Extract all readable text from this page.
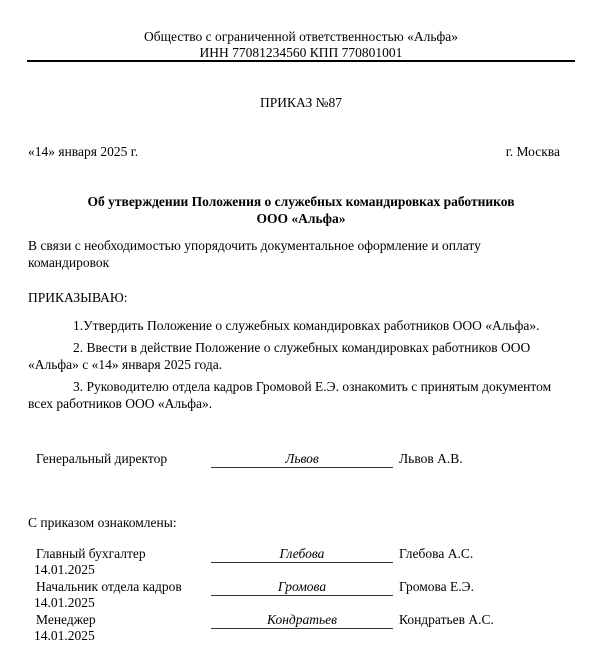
Общество с ограниченной ответственностью «Альфа»
ИНН 77081234560 КПП 770801001
ПРИКАЗ №87
«14» января 2025 г.	г. Москва
Об утверждении Положения о служебных командировках работников
ООО «Альфа»
В связи с необходимостью упорядочить документальное оформление и оплату
командировок
ПРИКАЗЫВАЮ:
1.Утвердить Положение о служебных командировках работников ООО «Альфа».
2. Ввести в действие Положение о служебных командировках работников ООО
«Альфа» с «14» января 2025 года.
3. Руководителю отдела кадров Громовой Е.Э. ознакомить с принятым документом
всех работников ООО «Альфа».
Генеральный директор	Львов	Львов А.В.
С приказом ознакомлены:
Главный бухгалтер
14.01.2025
Глебова	Глебова А.С.
Начальник отдела кадров
14.01.2025
Громова	Громова Е.Э.
Менеджер
14.01.2025
Кондратьев	Кондратьев А.С.
